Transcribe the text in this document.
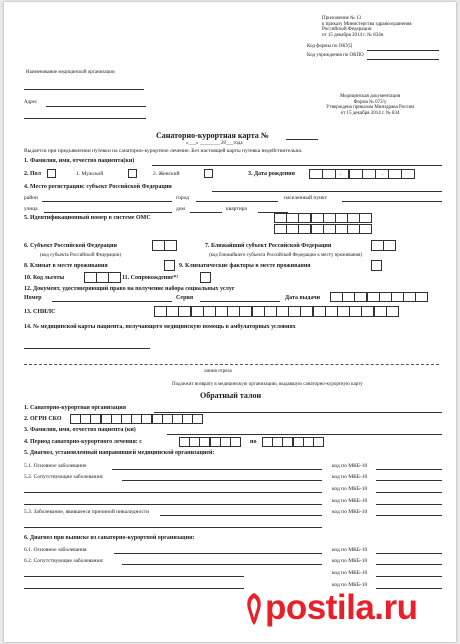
Приложение № 13
к приказу Министерства здравоохранения
Российской Федерации
от 15 декабря 2014 г. № 834н
Код формы по ОКУД
Код учреждения по ОКПО
Наименование медицинской организации
Адрес
Медицинская документация
Форма № 072/у
Утверждена приказом Минздрава России
от 15 декабря 2014 г. № 834
Санаторно-курортная карта №
«___» ________ 20___года
Выдается при предъявлении путевки на санаторно-курортное лечение. Без настоящей карты путевка недействительна.
1. Фамилия, имя, отчество пациента(ки)
2. Пол	1. Мужской	2. Женский	3. Дата рождения	.	.
4. Место регистрации: субъект Российской Федерации
район	город	населенный пункт
улица	дом	квартира
5. Идентификационный номер в системе ОМС
6. Субъект Российской Федерации
(код субъекта Российской Федерации)
7. Ближайший субъект Российской Федерации
(код ближайшего субъекта Российской Федерации к месту проживания)
8. Климат в месте проживания	9. Климатические факторы в месте проживания
10. Код льготы	11. Сопровождение*²
12. Документ, удостоверяющий право на получение набора социальных услуг
Номер	Серия	Дата выдачи
13. СНИЛС
14. № медицинской карты пациента, получающего медицинскую помощь в амбулаторных условиях
линия отреза
Подлежит возврату в медицинскую организацию, выдавшую санаторно-курортную карту
Обратный талон
1. Санаторно-курортная организация
2. ОГРН СКО
3. Фамилия, имя, отчество пациента (ки)
4. Период санаторно-курортного лечения: с	по
5. Диагноз, установленный направившей медицинской организацией:
5.1. Основное заболевание	код по МКБ-10
5.2. Сопутствующие заболевания:	код по МКБ-10
код по МКБ-10
код по МКБ-10
5.3. Заболевание, явившееся причиной инвалидности	код по МКБ-10
6. Диагноз при выписке из санаторно-курортной организации:
6.1. Основное заболевания	код по МКБ-10
6.2. Сопутствующие заболевания:	код по МКБ-10
код по МКБ-10
код по МКБ-10
postila.ru
